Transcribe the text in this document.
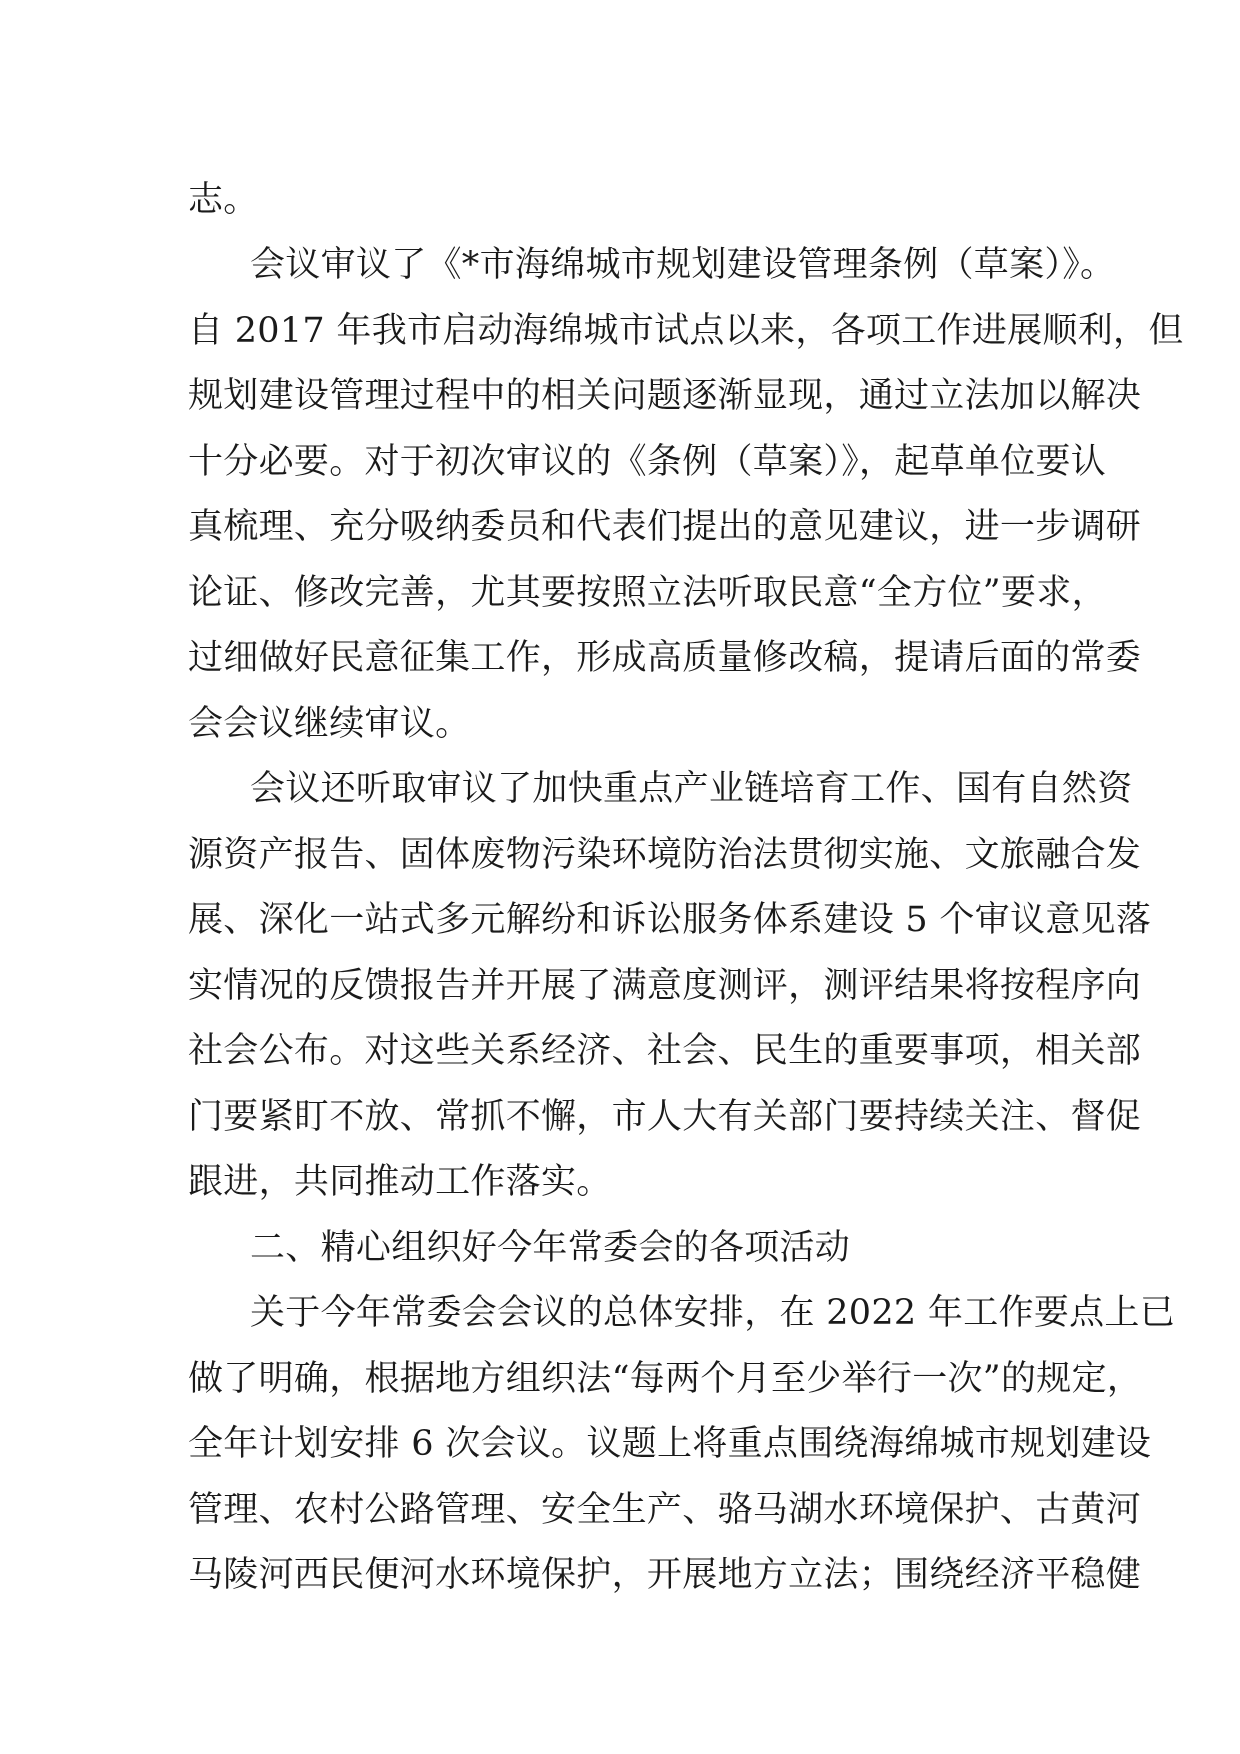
志。
会议审议了《*市海绵城市规划建设管理条例（草案）》。
自 2017 年我市启动海绵城市试点以来，各项工作进展顺利，但
规划建设管理过程中的相关问题逐渐显现，通过立法加以解决
十分必要。对于初次审议的《条例（草案）》，起草单位要认
真梳理、充分吸纳委员和代表们提出的意见建议，进一步调研
论证、修改完善，尤其要按照立法听取民意“全方位”要求，
过细做好民意征集工作，形成高质量修改稿，提请后面的常委
会会议继续审议。
会议还听取审议了加快重点产业链培育工作、国有自然资
源资产报告、固体废物污染环境防治法贯彻实施、文旅融合发
展、深化一站式多元解纷和诉讼服务体系建设 5 个审议意见落
实情况的反馈报告并开展了满意度测评，测评结果将按程序向
社会公布。对这些关系经济、社会、民生的重要事项，相关部
门要紧盯不放、常抓不懈，市人大有关部门要持续关注、督促
跟进，共同推动工作落实。
二、精心组织好今年常委会的各项活动
关于今年常委会会议的总体安排，在 2022 年工作要点上已
做了明确，根据地方组织法“每两个月至少举行一次”的规定，
全年计划安排 6 次会议。议题上将重点围绕海绵城市规划建设
管理、农村公路管理、安全生产、骆马湖水环境保护、古黄河
马陵河西民便河水环境保护，开展地方立法；围绕经济平稳健
